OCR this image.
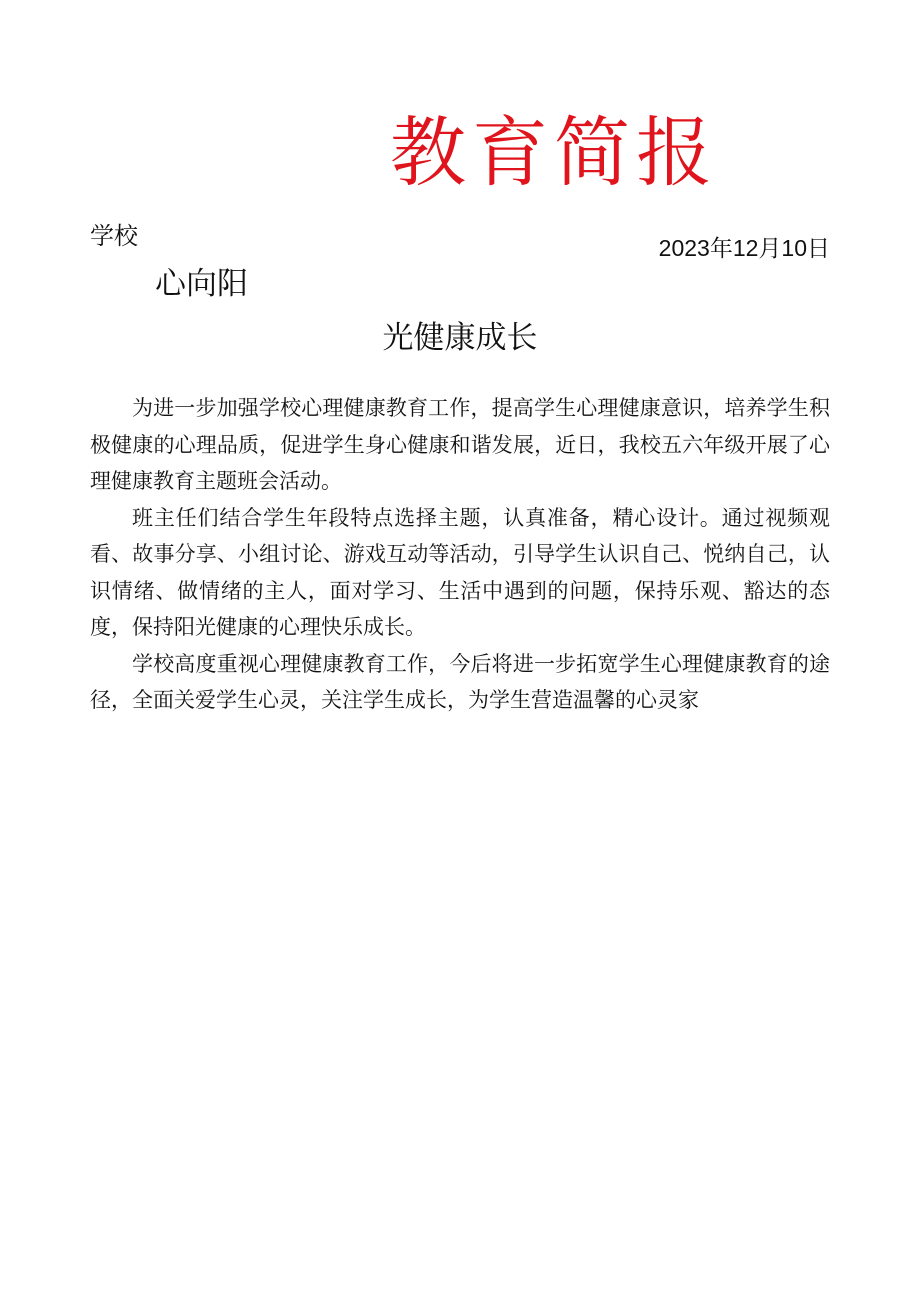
教育简报
学校	2023年12月10日
心向阳
光健康成长

为进一步加强学校心理健康教育工作，提高学生心理健康意识，培养学生积极健康的心理品质，促进学生身心健康和谐发展，近日，我校五六年级开展了心理健康教育主题班会活动。

班主任们结合学生年段特点选择主题，认真准备，精心设计。通过视频观看、故事分享、小组讨论、游戏互动等活动，引导学生认识自己、悦纳自己，认识情绪、做情绪的主人，面对学习、生活中遇到的问题，保持乐观、豁达的态度，保持阳光健康的心理快乐成长。

学校高度重视心理健康教育工作，今后将进一步拓宽学生心理健康教育的途径，全面关爱学生心灵，关注学生成长，为学生营造温馨的心灵家
